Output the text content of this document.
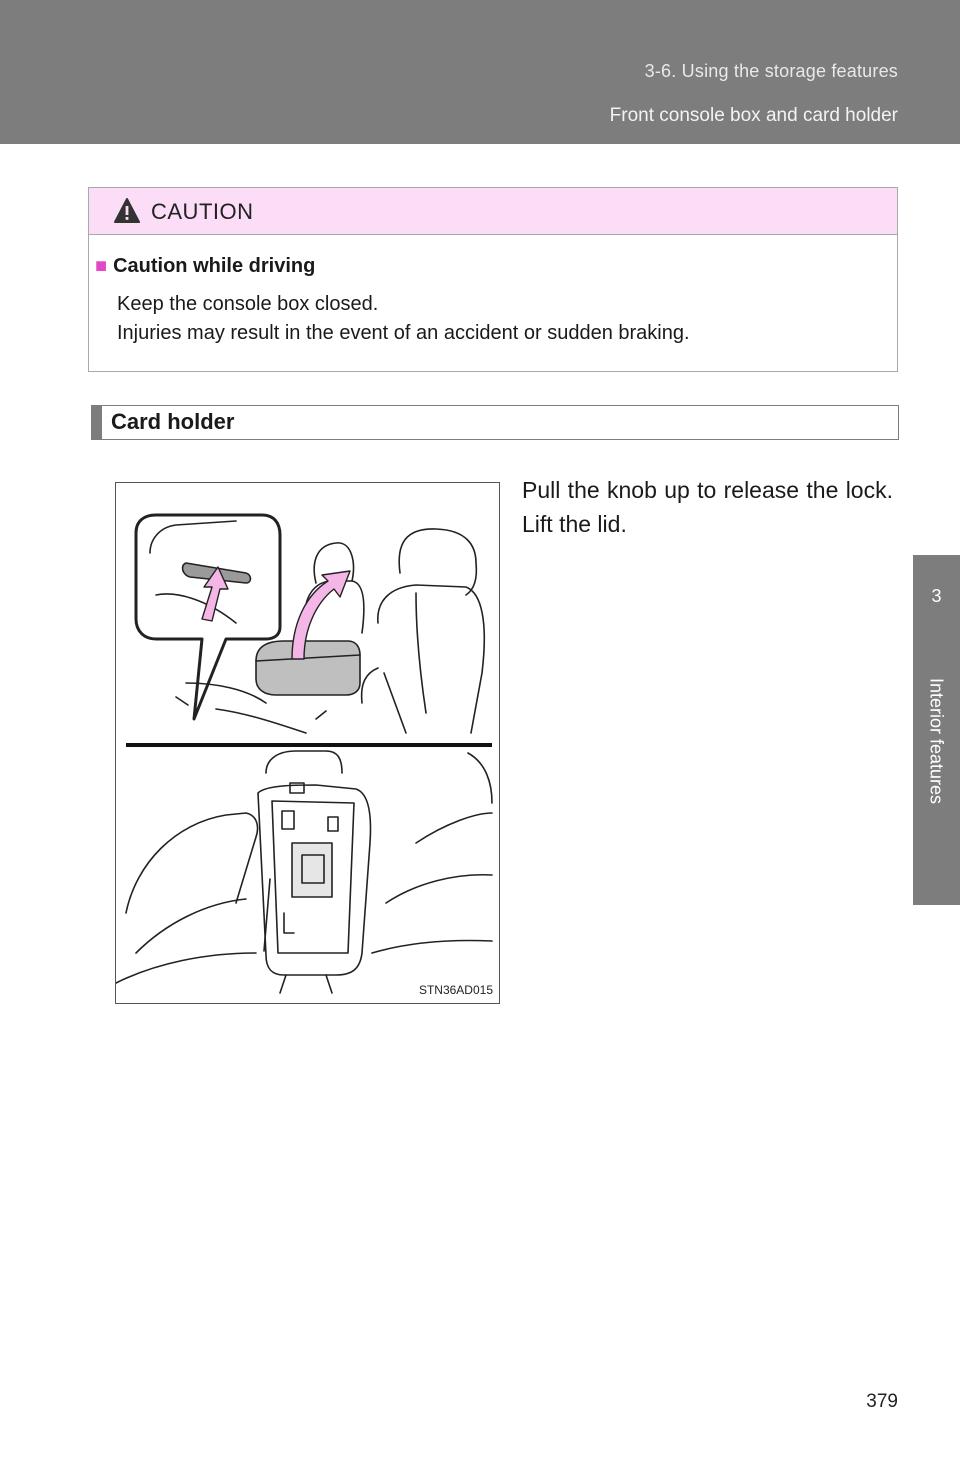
3-6. Using the storage features
Front console box and card holder
3
Interior features
CAUTION
■ Caution while driving
Keep the console box closed.
Injuries may result in the event of an accident or sudden braking.
Card holder
STN36AD015
Pull the knob up to release the lock. Lift the lid.
379
